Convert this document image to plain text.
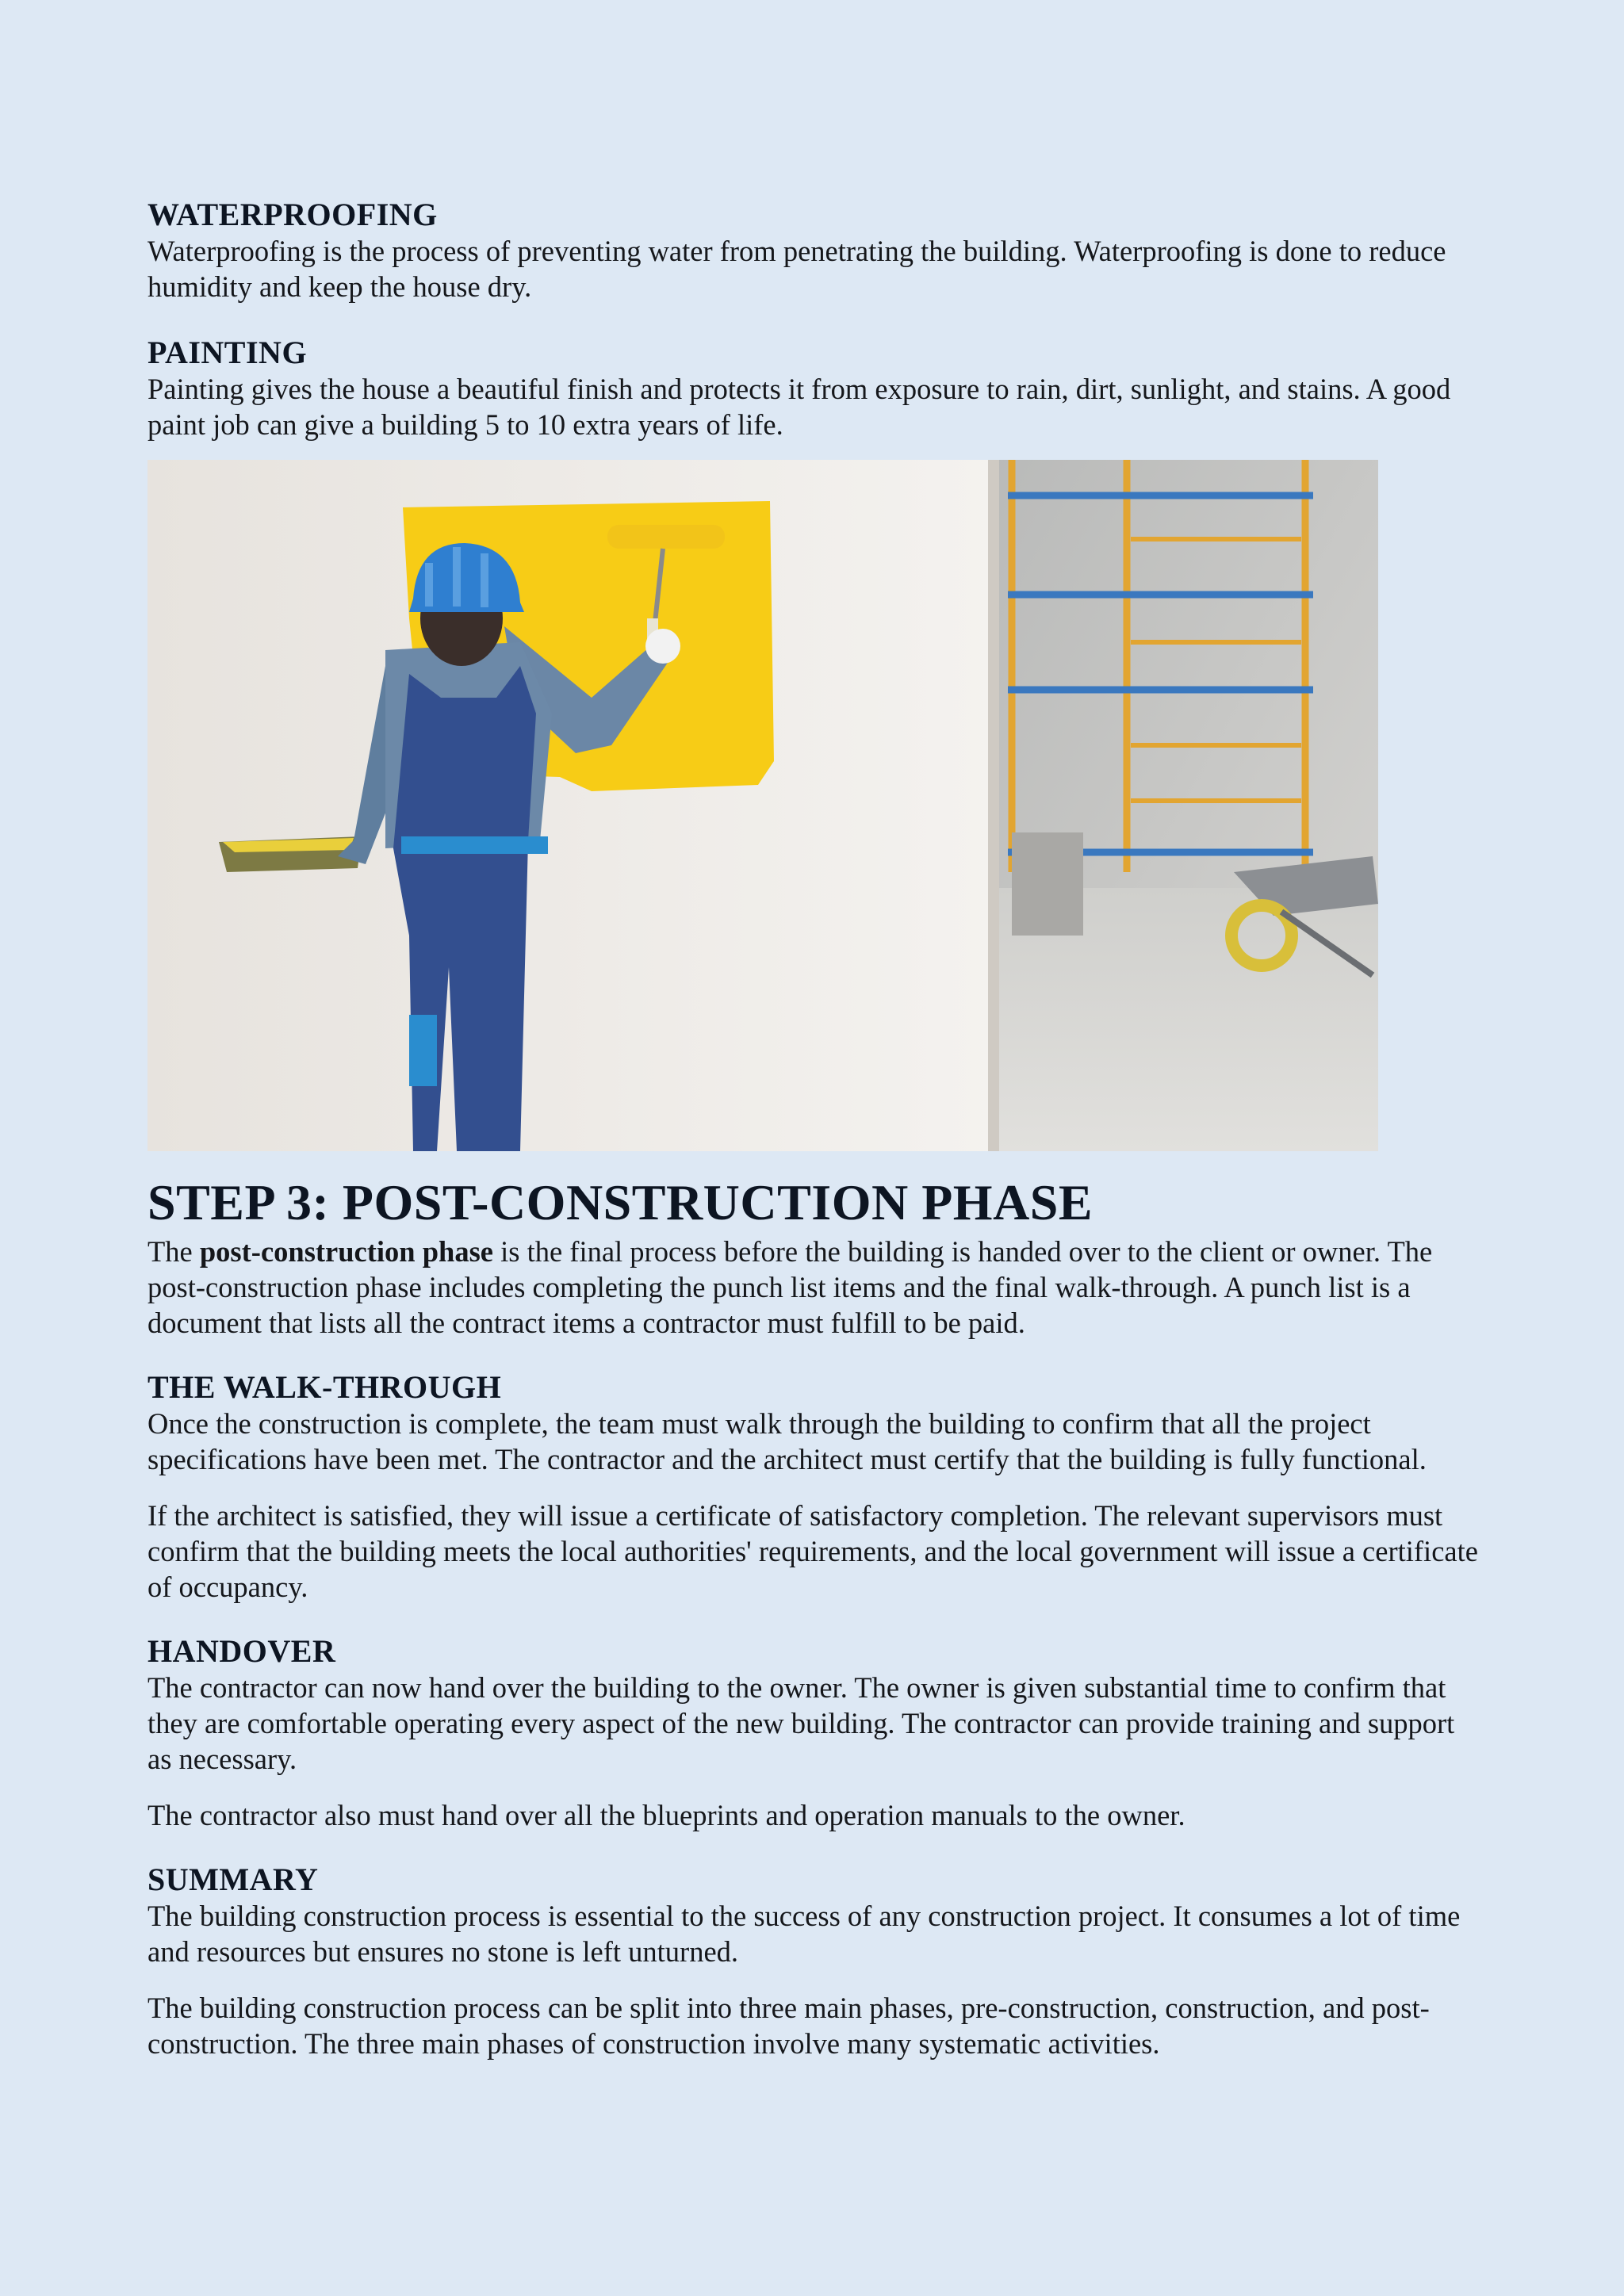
WATERPROOFING

Waterproofing is the process of preventing water from penetrating the building. Waterproofing is done to reduce humidity and keep the house dry.

PAINTING

Painting gives the house a beautiful finish and protects it from exposure to rain, dirt, sunlight, and stains. A good paint job can give a building 5 to 10 extra years of life.

STEP 3: POST-CONSTRUCTION PHASE

The post-construction phase is the final process before the building is handed over to the client or owner. The post-construction phase includes completing the punch list items and the final walk-through. A punch list is a document that lists all the contract items a contractor must fulfill to be paid.

THE WALK-THROUGH

Once the construction is complete, the team must walk through the building to confirm that all the project specifications have been met. The contractor and the architect must certify that the building is fully functional.

If the architect is satisfied, they will issue a certificate of satisfactory completion. The relevant supervisors must confirm that the building meets the local authorities' requirements, and the local government will issue a certificate of occupancy.

HANDOVER

The contractor can now hand over the building to the owner. The owner is given substantial time to confirm that they are comfortable operating every aspect of the new building. The contractor can provide training and support as necessary.

The contractor also must hand over all the blueprints and operation manuals to the owner.

SUMMARY

The building construction process is essential to the success of any construction project. It consumes a lot of time and resources but ensures no stone is left unturned.

The building construction process can be split into three main phases, pre-construction, construction, and post-construction. The three main phases of construction involve many systematic activities.
